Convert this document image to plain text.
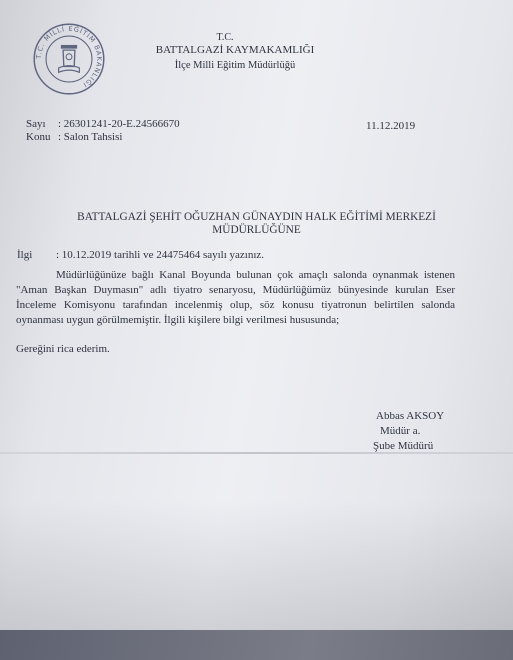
T.C. MİLLİ EĞİTİM BAKANLIĞI
T.C.
BATTALGAZİ KAYMAKAMLIĞI
İlçe Milli Eğitim Müdürlüğü
Sayı : 26301241-20-E.24566670
Konu : Salon Tahsisi
11.12.2019
BATTALGAZİ ŞEHİT OĞUZHAN GÜNAYDIN HALK EĞİTİMİ MERKEZİ
MÜDÜRLÜĞÜNE
İlgi : 10.12.2019 tarihli ve 24475464 sayılı yazınız.

Müdürlüğünüze bağlı Kanal Boyunda bulunan çok amaçlı salonda oynanmak istenen "Aman Başkan Duymasın" adlı tiyatro senaryosu, Müdürlüğümüz bünyesinde kurulan Eser İnceleme Komisyonu tarafından incelenmiş olup, söz konusu tiyatronun belirtilen salonda oynanması uygun görülmemiştir. İlgili kişilere bilgi verilmesi hususunda;

Gereğini rica ederim.
Abbas AKSOY
Müdür a.
Şube Müdürü
